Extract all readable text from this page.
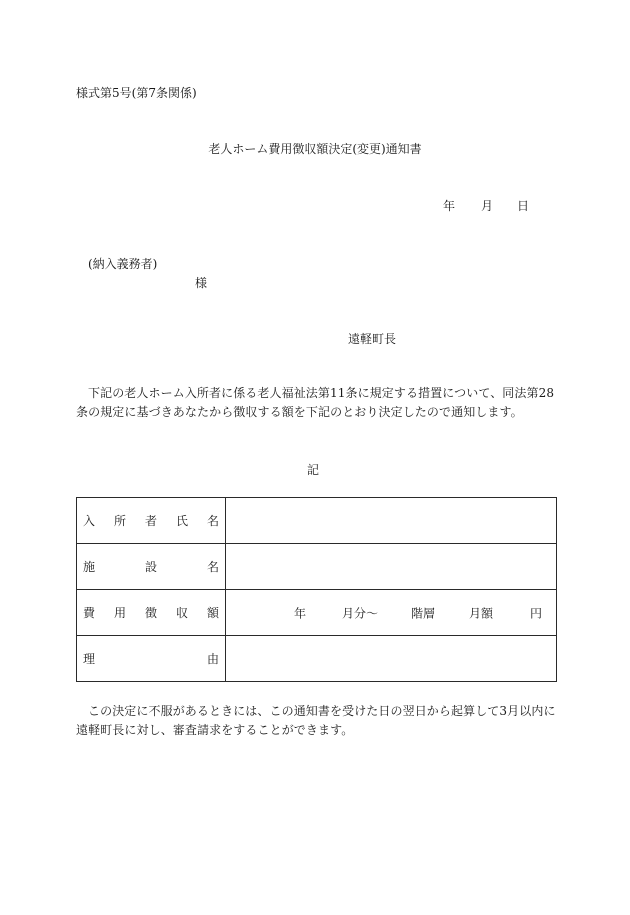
様式第5号(第7条関係)
老人ホーム費用徴収額決定(変更)通知書
年 月 日
(納入義務者)
様
遠軽町長
下記の老人ホーム入所者に係る老人福祉法第11条に規定する措置について、同法第28条の規定に基づきあなたから徴収する額を下記のとおり決定したので通知します。
記
入 所 者 氏 名	

施 設 名	

費 用 徴 収 額	年 月分〜 階層 月額 円

理 由	

この決定に不服があるときには、この通知書を受けた日の翌日から起算して3月以内に遠軽町長に対し、審査請求をすることができます。
